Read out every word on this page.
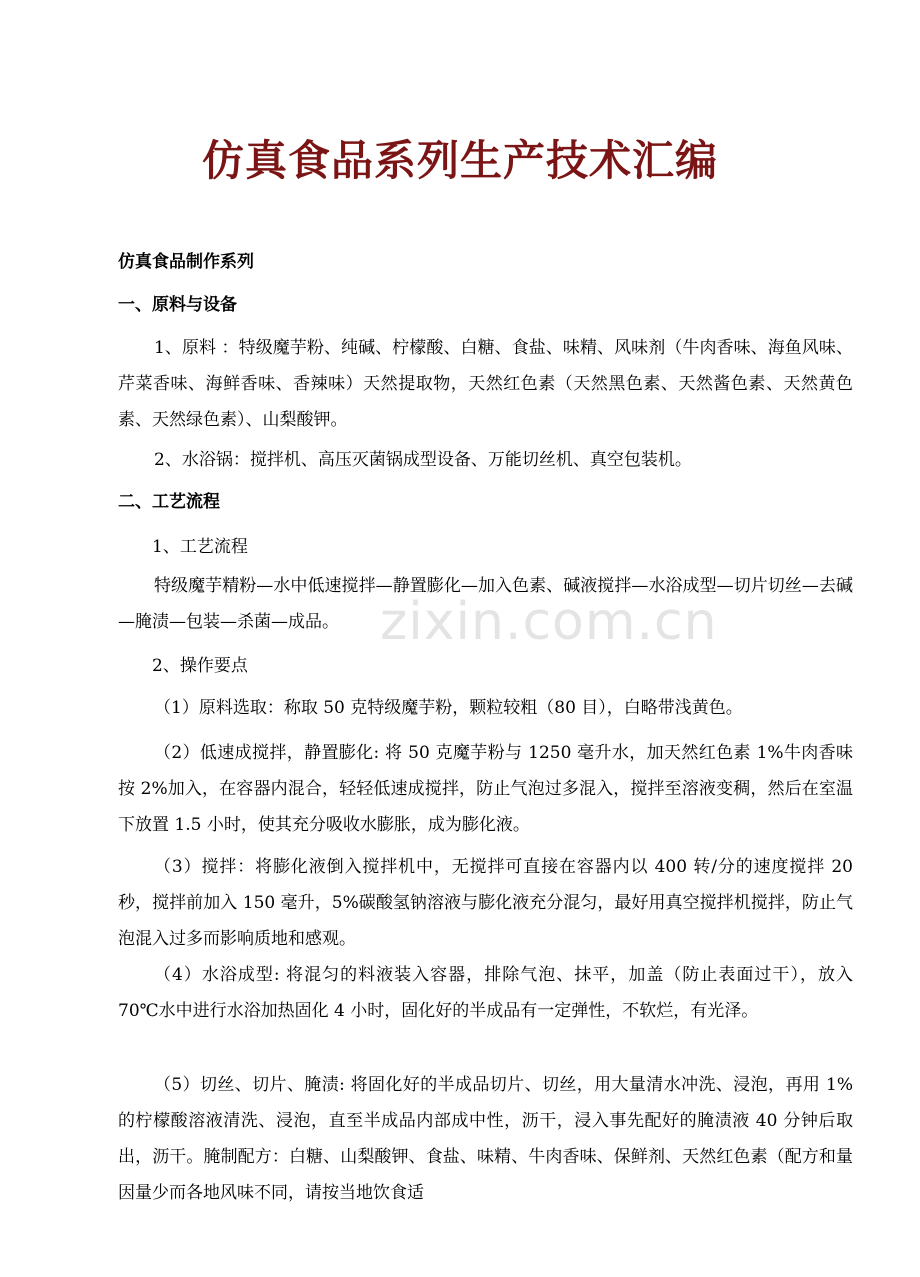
仿真食品系列生产技术汇编
仿真食品制作系列
一、原料与设备
1、原料 ：特级魔芋粉、纯碱、柠檬酸、白糖、食盐、味精、风味剂（牛肉香味、海鱼风味、芹菜香味、海鲜香味、香辣味）天然提取物，天然红色素（天然黑色素、天然酱色素、天然黄色素、天然绿色素）、山梨酸钾。
2、水浴锅：搅拌机、高压灭菌锅成型设备、万能切丝机、真空包装机。
二、工艺流程
1、工艺流程
特级魔芋精粉—水中低速搅拌—静置膨化—加入色素、碱液搅拌—水浴成型—切片切丝—去碱—腌渍—包装—杀菌—成品。
2、操作要点
（1）原料选取：称取 50 克特级魔芋粉，颗粒较粗（80 目），白略带浅黄色。
（2）低速成搅拌，静置膨化: 将 50 克魔芋粉与 1250 毫升水，加天然红色素 1%牛肉香味按 2%加入，在容器内混合，轻轻低速成搅拌，防止气泡过多混入，搅拌至溶液变稠，然后在室温下放置 1.5 小时，使其充分吸收水膨胀，成为膨化液。
（3）搅拌：将膨化液倒入搅拌机中，无搅拌可直接在容器内以 400 转/分的速度搅拌 20 秒，搅拌前加入 150 毫升，5%碳酸氢钠溶液与膨化液充分混匀，最好用真空搅拌机搅拌，防止气泡混入过多而影响质地和感观。
（4）水浴成型: 将混匀的料液装入容器，排除气泡、抹平，加盖（防止表面过干），放入 70℃水中进行水浴加热固化 4 小时，固化好的半成品有一定弹性，不软烂，有光泽。
（5）切丝、切片、腌渍: 将固化好的半成品切片、切丝，用大量清水冲洗、浸泡，再用 1%的柠檬酸溶液清洗、浸泡，直至半成品内部成中性，沥干，浸入事先配好的腌渍液 40 分钟后取出，沥干。腌制配方：白糖、山梨酸钾、食盐、味精、牛肉香味、保鲜剂、天然红色素（配方和量因量少而各地风味不同，请按当地饮食适
zixin.com.cn
